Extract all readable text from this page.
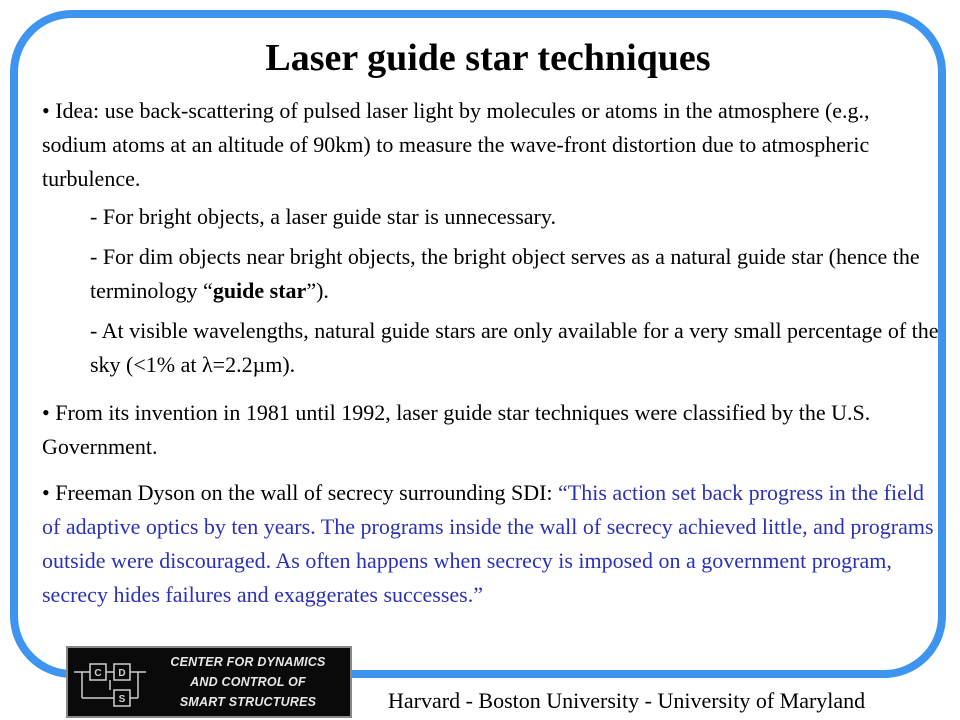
Laser guide star techniques

• Idea: use back-scattering of pulsed laser light by molecules or atoms in the atmosphere (e.g., sodium atoms at an altitude of 90km) to measure the wave-front distortion due to atmospheric turbulence.

- For bright objects, a laser guide star is unnecessary.

- For dim objects near bright objects, the bright object serves as a natural guide star (hence the terminology “guide star”).

- At visible wavelengths, natural guide stars are only available for a very small percentage of the sky (<1% at λ=2.2µm).

• From its invention in 1981 until 1992, laser guide star techniques were classified by the U.S. Government.

• Freeman Dyson on the wall of secrecy surrounding SDI: “This action set back progress in the field of adaptive optics by ten years. The programs inside the wall of secrecy achieved little, and programs outside were discouraged. As often happens when secrecy is imposed on a government program, secrecy hides failures and exaggerates successes.”

C D
S
CENTER FOR DYNAMICS
AND CONTROL OF
SMART STRUCTURES	Harvard - Boston University - University of Maryland
